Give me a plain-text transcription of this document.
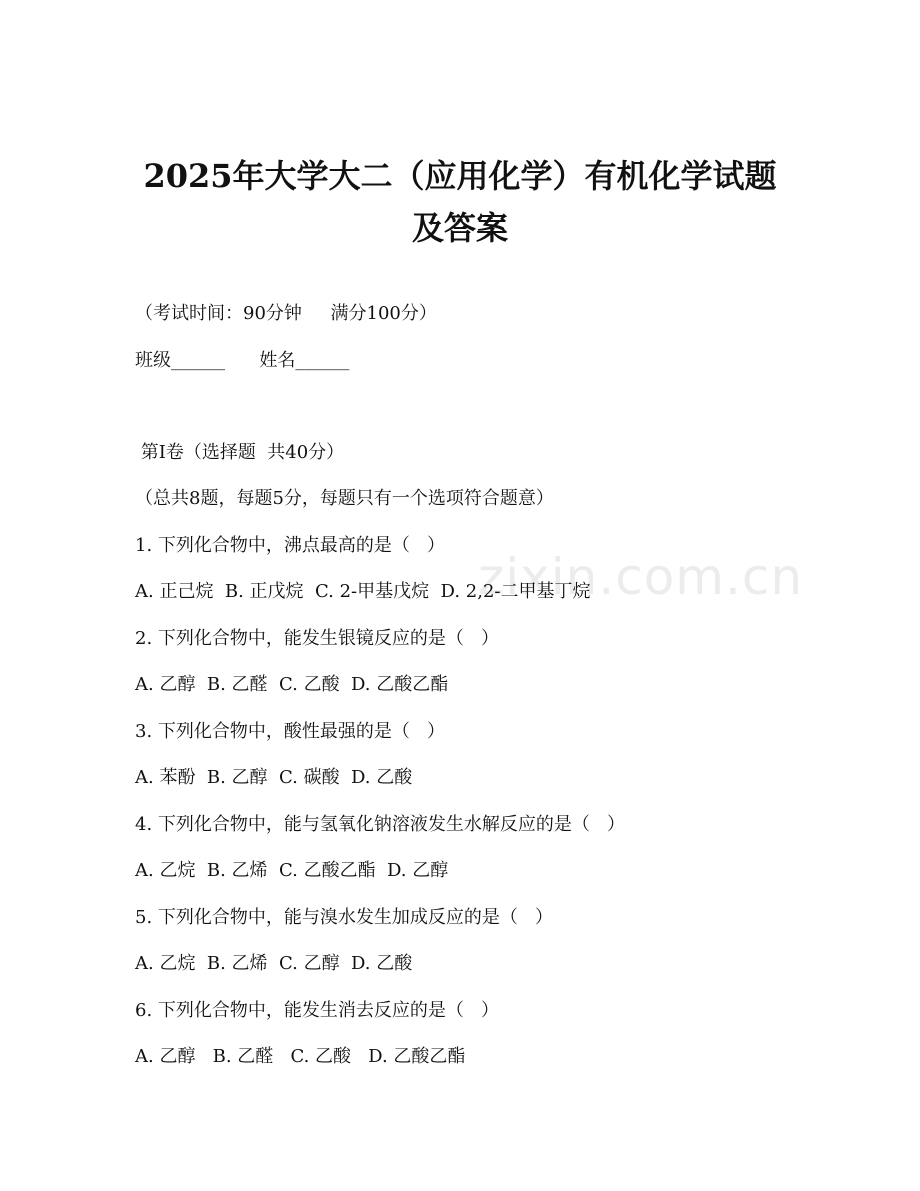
zixin.com.cn
2025年大学大二（应用化学）有机化学试题
及答案

（考试时间：90分钟     满分100分）

班级______      姓名______

第Ⅰ卷（选择题  共40分）

（总共8题，每题5分，每题只有一个选项符合题意）

1. 下列化合物中，沸点最高的是（   ）

A. 正己烷  B. 正戊烷  C. 2-甲基戊烷  D. 2,2-二甲基丁烷

2. 下列化合物中，能发生银镜反应的是（   ）

A. 乙醇  B. 乙醛  C. 乙酸  D. 乙酸乙酯

3. 下列化合物中，酸性最强的是（   ）

A. 苯酚  B. 乙醇  C. 碳酸  D. 乙酸

4. 下列化合物中，能与氢氧化钠溶液发生水解反应的是（   ）

A. 乙烷  B. 乙烯  C. 乙酸乙酯  D. 乙醇

5. 下列化合物中，能与溴水发生加成反应的是（   ）

A. 乙烷  B. 乙烯  C. 乙醇  D. 乙酸

6. 下列化合物中，能发生消去反应的是（   ）

A. 乙醇   B. 乙醛   C. 乙酸   D. 乙酸乙酯
